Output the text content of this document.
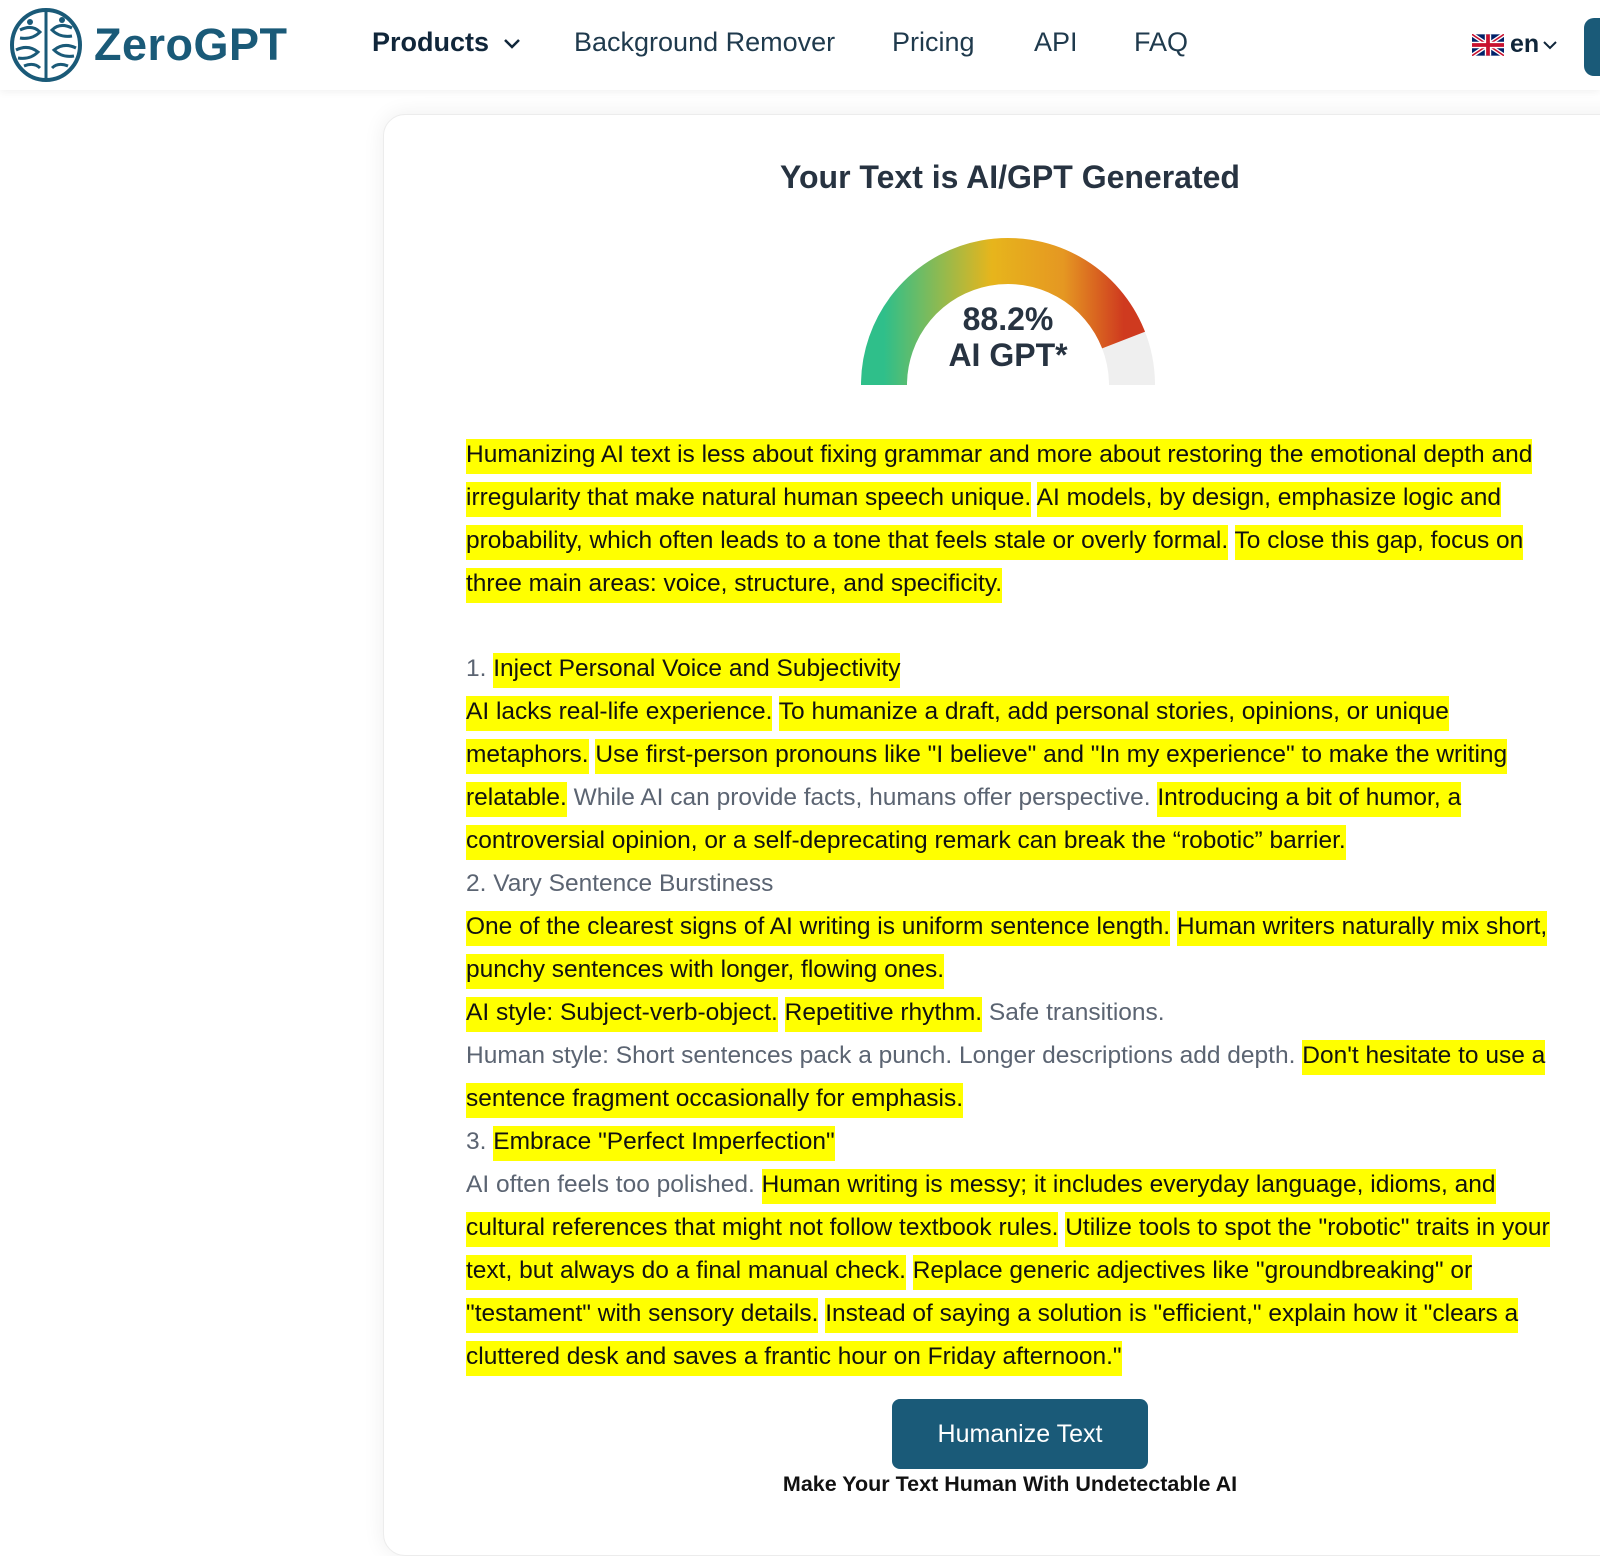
ZeroGPT	Products	Background Remover Pricing API FAQ	en
Your Text is AI/GPT Generated
88.2%
AI GPT*

Humanizing AI text is less about fixing grammar and more about restoring the emotional depth and irregularity that make natural human speech unique. AI models, by design, emphasize logic and probability, which often leads to a tone that feels stale or overly formal. To close this gap, focus on three main areas: voice, structure, and specificity.

1. Inject Personal Voice and Subjectivity

AI lacks real-life experience. To humanize a draft, add personal stories, opinions, or unique metaphors. Use first-person pronouns like "I believe" and "In my experience" to make the writing relatable. While AI can provide facts, humans offer perspective. Introducing a bit of humor, a controversial opinion, or a self-deprecating remark can break the “robotic” barrier.

2. Vary Sentence Burstiness

One of the clearest signs of AI writing is uniform sentence length. Human writers naturally mix short, punchy sentences with longer, flowing ones.

AI style: Subject-verb-object. Repetitive rhythm. Safe transitions.

Human style: Short sentences pack a punch. Longer descriptions add depth. Don't hesitate to use a sentence fragment occasionally for emphasis.

3. Embrace "Perfect Imperfection"

AI often feels too polished. Human writing is messy; it includes everyday language, idioms, and cultural references that might not follow textbook rules. Utilize tools to spot the "robotic" traits in your text, but always do a final manual check. Replace generic adjectives like "groundbreaking" or "testament" with sensory details. Instead of saying a solution is "efficient," explain how it "clears a cluttered desk and saves a frantic hour on Friday afternoon."

Humanize Text
Make Your Text Human With Undetectable AI
